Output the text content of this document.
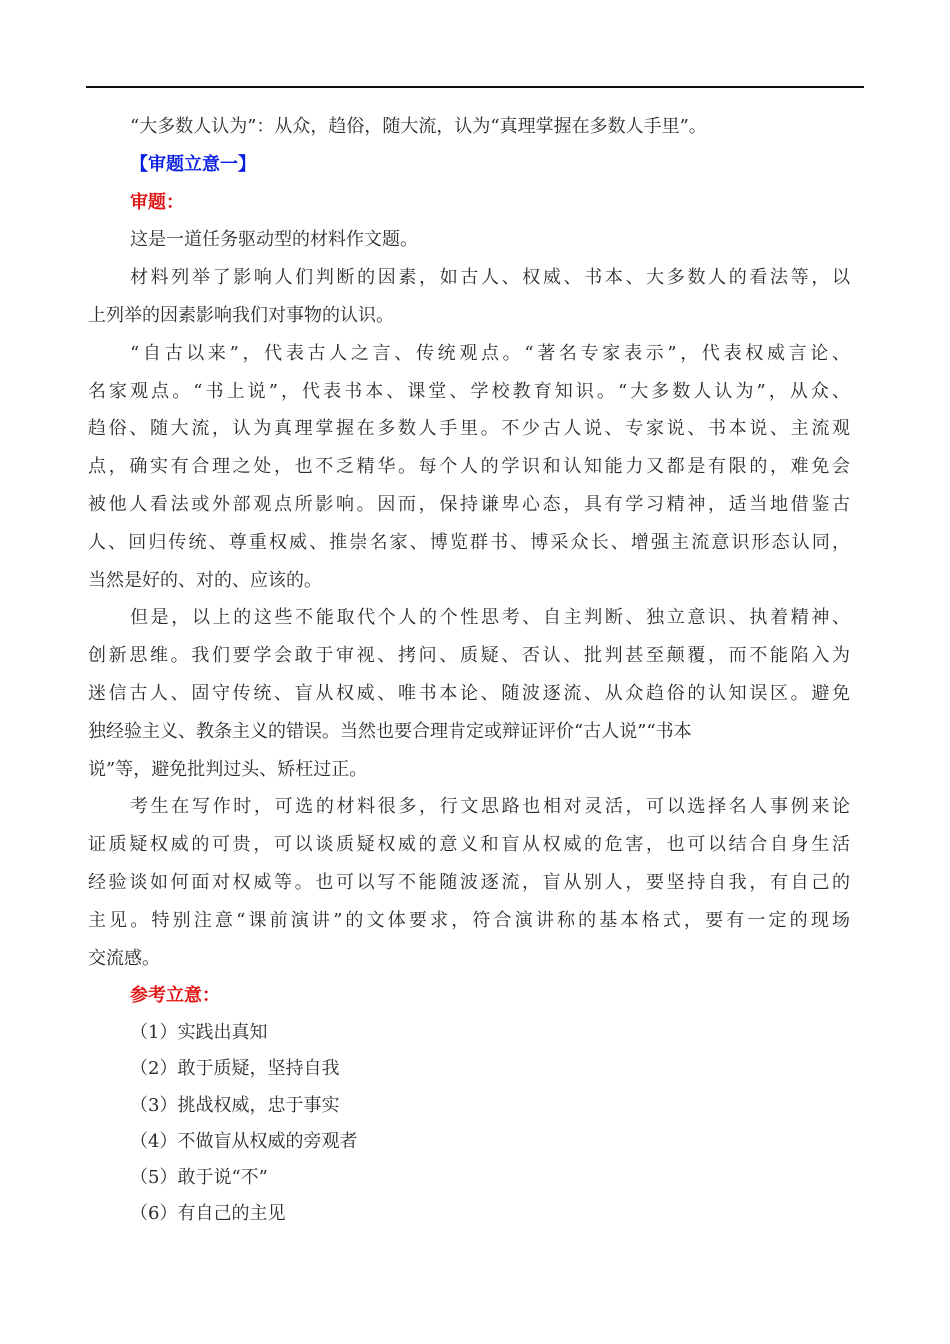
“大多数人认为”：从众，趋俗，随大流，认为“真理掌握在多数人手里”。
【审题立意一】
审题：
这是一道任务驱动型的材料作文题。
材料列举了影响人们判断的因素，如古人、权威、书本、大多数人的看法等，以
上列举的因素影响我们对事物的认识。
“自古以来”，代表古人之言、传统观点。“著名专家表示”，代表权威言论、
名家观点。“书上说”，代表书本、课堂、学校教育知识。“大多数人认为”，从众、
趋俗、随大流，认为真理掌握在多数人手里。不少古人说、专家说、书本说、主流观
点，确实有合理之处，也不乏精华。每个人的学识和认知能力又都是有限的，难免会
被他人看法或外部观点所影响。因而，保持谦卑心态，具有学习精神，适当地借鉴古
人、回归传统、尊重权威、推崇名家、博览群书、博采众长、增强主流意识形态认同，
当然是好的、对的、应该的。
但是，以上的这些不能取代个人的个性思考、自主判断、独立意识、执着精神、
创新思维。我们要学会敢于审视、拷问、质疑、否认、批判甚至颠覆，而不能陷入为
迷信古人、固守传统、盲从权威、唯书本论、随波逐流、从众趋俗的认知误区。避免
独经验主义、教条主义的错误。当然也要合理肯定或辩证评价“古人说”“书本
说”等，避免批判过头、矫枉过正。
考生在写作时，可选的材料很多，行文思路也相对灵活，可以选择名人事例来论
证质疑权威的可贵，可以谈质疑权威的意义和盲从权威的危害，也可以结合自身生活
经验谈如何面对权威等。也可以写不能随波逐流，盲从别人，要坚持自我，有自己的
主见。特别注意“课前演讲”的文体要求，符合演讲称的基本格式，要有一定的现场
交流感。
参考立意：
（1）实践出真知
（2）敢于质疑，坚持自我
（3）挑战权威，忠于事实
（4）不做盲从权威的旁观者
（5）敢于说“不”
（6）有自己的主见
